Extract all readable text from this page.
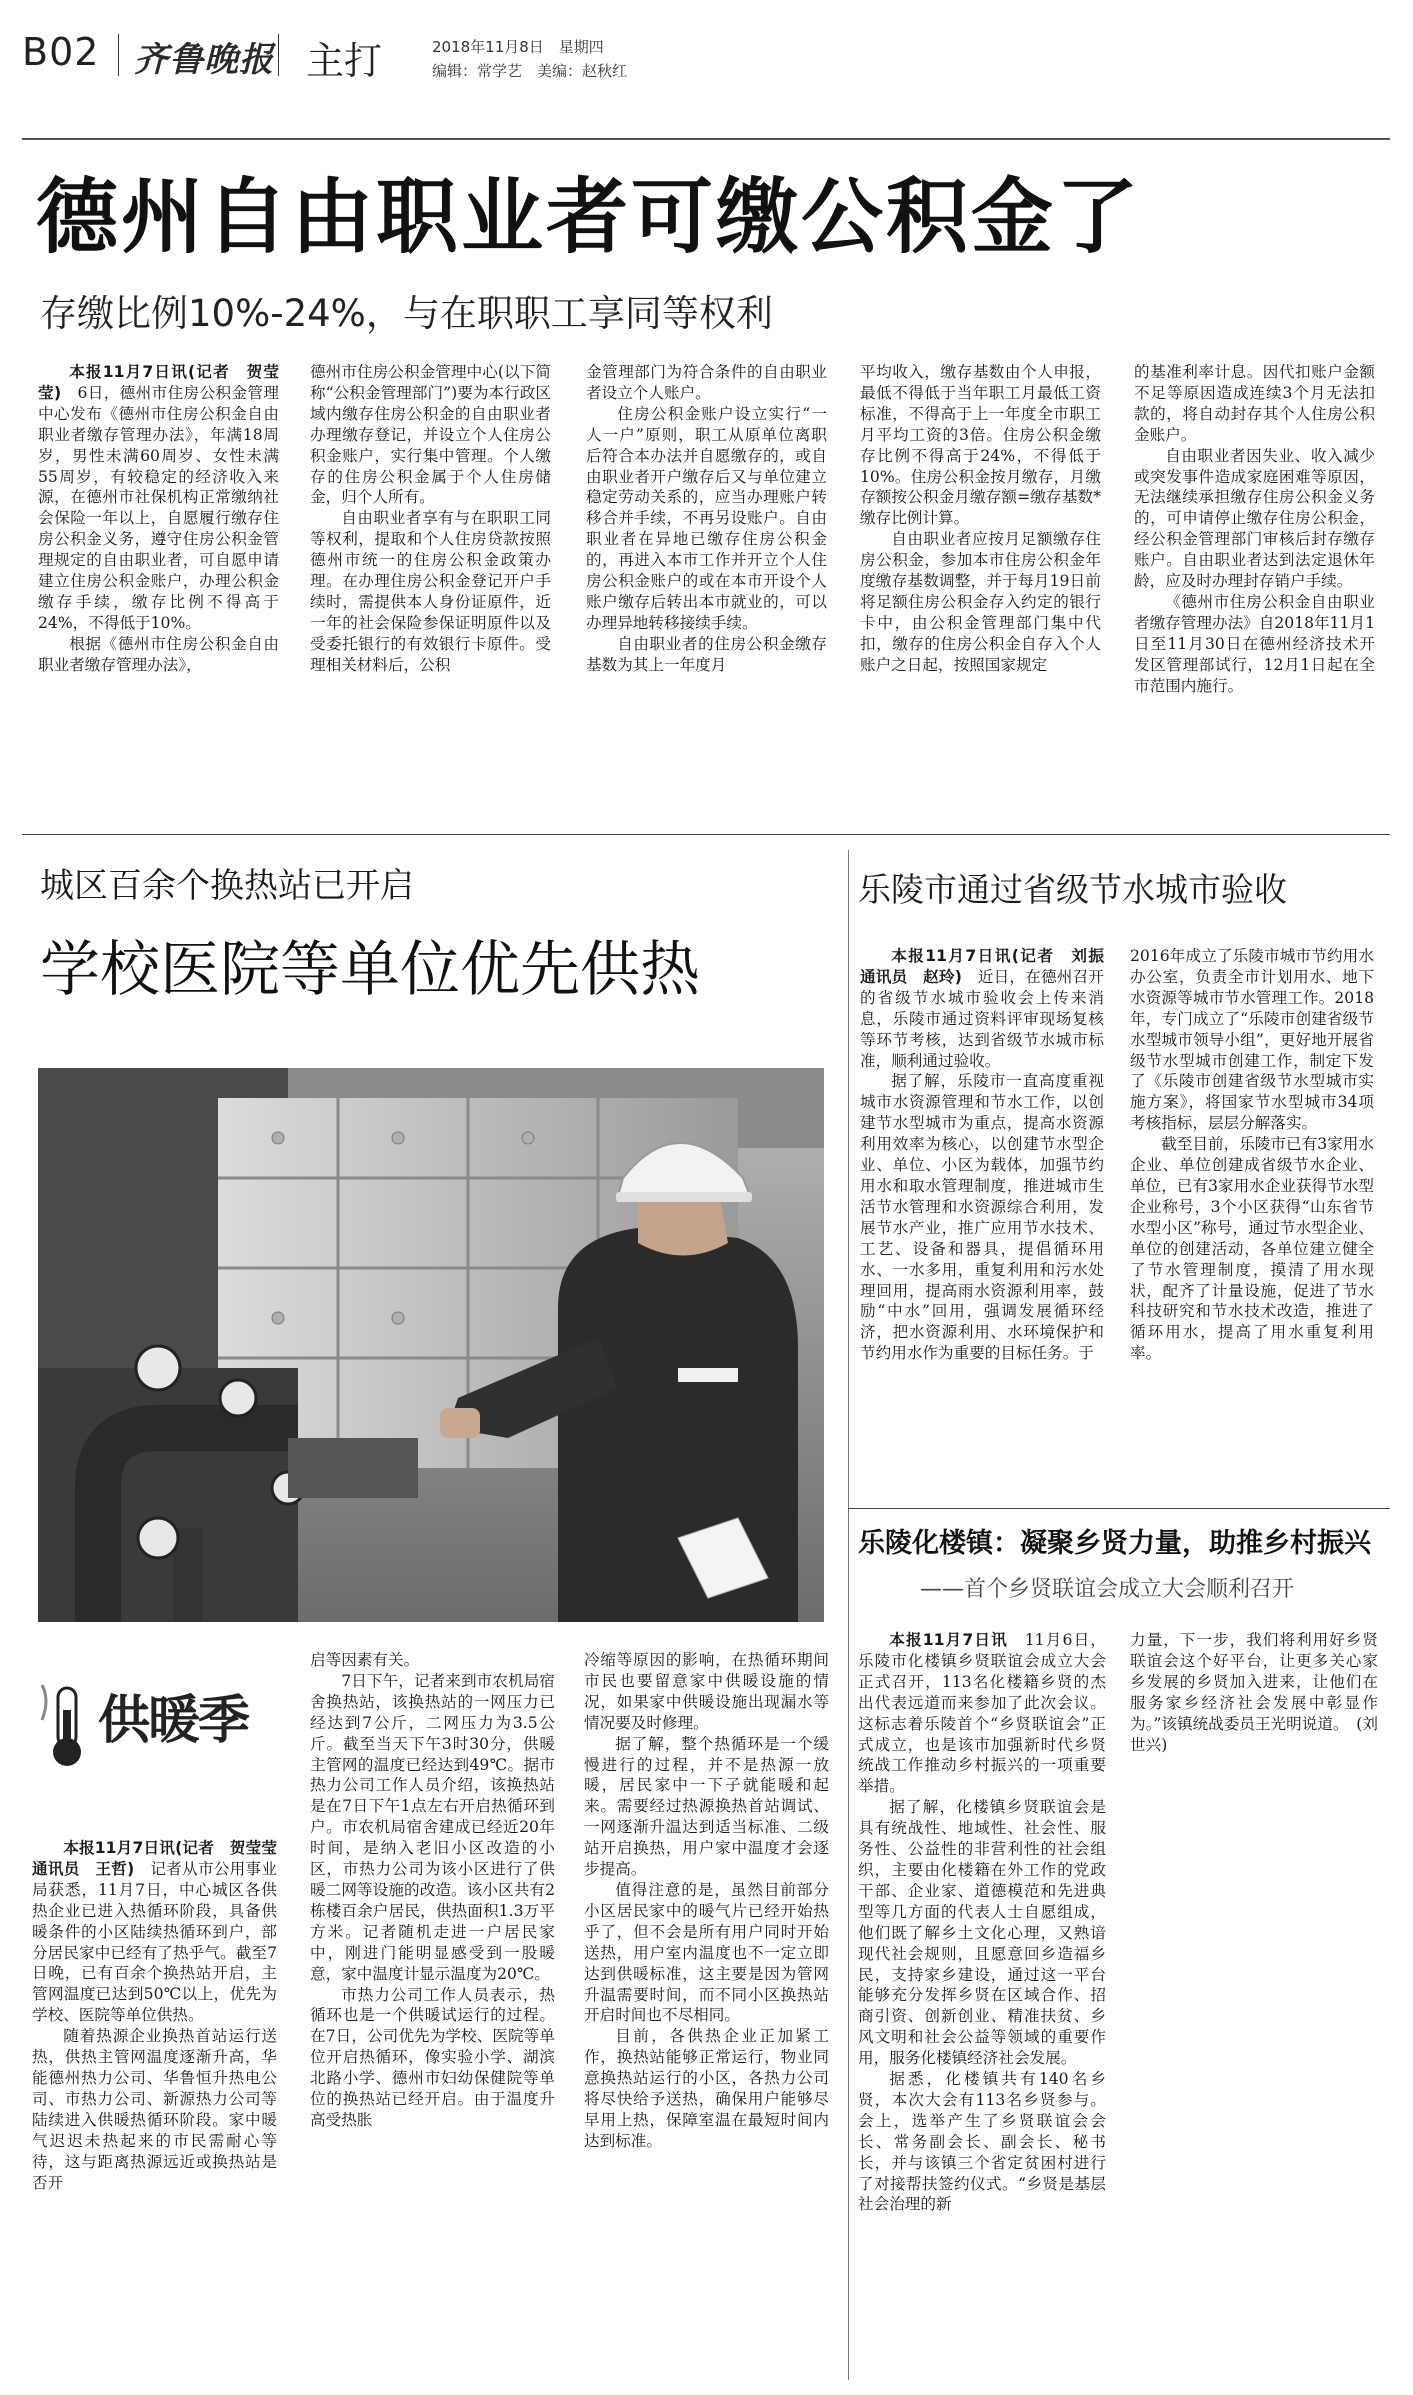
B02 齐鲁晚报 主打	2018年11月8日　星期四
编辑：常学艺　美编：赵秋红
德州自由职业者可缴公积金了
存缴比例10%-24%，与在职职工享同等权利

本报11月7日讯(记者　贺莹莹)　 6日，德州市住房公积金管理中心发布《德州市住房公积金自由职业者缴存管理办法》，年满18周岁，男性未满60周岁、女性未满55周岁，有较稳定的经济收入来源，在德州市社保机构正常缴纳社会保险一年以上，自愿履行缴存住房公积金义务，遵守住房公积金管理规定的自由职业者，可自愿申请建立住房公积金账户，办理公积金缴存手续，缴存比例不得高于24%，不得低于10%。

根据《德州市住房公积金自由职业者缴存管理办法》，

德州市住房公积金管理中心(以下简称“公积金管理部门”)要为本行政区域内缴存住房公积金的自由职业者办理缴存登记，并设立个人住房公积金账户，实行集中管理。个人缴存的住房公积金属于个人住房储金，归个人所有。

自由职业者享有与在职职工同等权利，提取和个人住房贷款按照德州市统一的住房公积金政策办理。在办理住房公积金登记开户手续时，需提供本人身份证原件，近一年的社会保险参保证明原件以及受委托银行的有效银行卡原件。受理相关材料后，公积

金管理部门为符合条件的自由职业者设立个人账户。

住房公积金账户设立实行“一人一户”原则，职工从原单位离职后符合本办法并自愿缴存的，或自由职业者开户缴存后又与单位建立稳定劳动关系的，应当办理账户转移合并手续，不再另设账户。自由职业者在异地已缴存住房公积金的，再进入本市工作并开立个人住房公积金账户的或在本市开设个人账户缴存后转出本市就业的，可以办理异地转移接续手续。

自由职业者的住房公积金缴存基数为其上一年度月

平均收入，缴存基数由个人申报，最低不得低于当年职工月最低工资标准，不得高于上一年度全市职工月平均工资的3倍。住房公积金缴存比例不得高于24%，不得低于10%。住房公积金按月缴存，月缴存额按公积金月缴存额=缴存基数*缴存比例计算。

自由职业者应按月足额缴存住房公积金，参加本市住房公积金年度缴存基数调整，并于每月19日前将足额住房公积金存入约定的银行卡中，由公积金管理部门集中代扣，缴存的住房公积金自存入个人账户之日起，按照国家规定

的基准利率计息。因代扣账户金额不足等原因造成连续3个月无法扣款的，将自动封存其个人住房公积金账户。

自由职业者因失业、收入减少或突发事件造成家庭困难等原因，无法继续承担缴存住房公积金义务的，可申请停止缴存住房公积金，经公积金管理部门审核后封存缴存账户。自由职业者达到法定退休年龄，应及时办理封存销户手续。

《德州市住房公积金自由职业者缴存管理办法》自2018年11月1日至11月30日在德州经济技术开发区管理部试行，12月1日起在全市范围内施行。

城区百余个换热站已开启
学校医院等单位优先供热
供暖季

本报11月7日讯(记者　贺莹莹　通讯员　王哲)　 记者从市公用事业局获悉，11月7日，中心城区各供热企业已进入热循环阶段，具备供暖条件的小区陆续热循环到户，部分居民家中已经有了热乎气。截至7日晚，已有百余个换热站开启，主管网温度已达到50℃以上，优先为学校、医院等单位供热。

随着热源企业换热首站运行送热，供热主管网温度逐渐升高，华能德州热力公司、华鲁恒升热电公司、市热力公司、新源热力公司等陆续进入供暖热循环阶段。家中暖气迟迟未热起来的市民需耐心等待，这与距离热源远近或换热站是否开

启等因素有关。

7日下午，记者来到市农机局宿舍换热站，该换热站的一网压力已经达到7公斤，二网压力为3.5公斤。截至当天下午3时30分，供暖主管网的温度已经达到49℃。据市热力公司工作人员介绍，该换热站是在7日下午1点左右开启热循环到户。市农机局宿舍建成已经近20年时间，是纳入老旧小区改造的小区，市热力公司为该小区进行了供暖二网等设施的改造。该小区共有2栋楼百余户居民，供热面积1.3万平方米。记者随机走进一户居民家中，刚进门能明显感受到一股暖意，家中温度计显示温度为20℃。

市热力公司工作人员表示，热循环也是一个供暖试运行的过程。在7日，公司优先为学校、医院等单位开启热循环，像实验小学、湖滨北路小学、德州市妇幼保健院等单位的换热站已经开启。由于温度升高受热胀

冷缩等原因的影响，在热循环期间市民也要留意家中供暖设施的情况，如果家中供暖设施出现漏水等情况要及时修理。

据了解，整个热循环是一个缓慢进行的过程，并不是热源一放暖，居民家中一下子就能暖和起来。需要经过热源换热首站调试、一网逐渐升温达到适当标准、二级站开启换热，用户家中温度才会逐步提高。

值得注意的是，虽然目前部分小区居民家中的暖气片已经开始热乎了，但不会是所有用户同时开始送热，用户室内温度也不一定立即达到供暖标准，这主要是因为管网升温需要时间，而不同小区换热站开启时间也不尽相同。

目前，各供热企业正加紧工作，换热站能够正常运行，物业同意换热站运行的小区，各热力公司将尽快给予送热，确保用户能够尽早用上热，保障室温在最短时间内达到标准。

乐陵市通过省级节水城市验收

本报11月7日讯(记者　刘振　通讯员　赵玲)　 近日，在德州召开的省级节水城市验收会上传来消息，乐陵市通过资料评审现场复核等环节考核，达到省级节水城市标准，顺利通过验收。

据了解，乐陵市一直高度重视城市水资源管理和节水工作，以创建节水型城市为重点，提高水资源利用效率为核心，以创建节水型企业、单位、小区为载体，加强节约用水和取水管理制度，推进城市生活节水管理和水资源综合利用，发展节水产业，推广应用节水技术、工艺、设备和器具，提倡循环用水、一水多用，重复利用和污水处理回用，提高雨水资源利用率，鼓励“中水”回用，强调发展循环经济，把水资源利用、水环境保护和节约用水作为重要的目标任务。于

2016年成立了乐陵市城市节约用水办公室，负责全市计划用水、地下水资源等城市节水管理工作。2018年，专门成立了“乐陵市创建省级节水型城市领导小组”，更好地开展省级节水型城市创建工作，制定下发了《乐陵市创建省级节水型城市实施方案》，将国家节水型城市34项考核指标，层层分解落实。

截至目前，乐陵市已有3家用水企业、单位创建成省级节水企业、单位，已有3家用水企业获得节水型企业称号，3个小区获得“山东省节水型小区”称号，通过节水型企业、单位的创建活动，各单位建立健全了节水管理制度，摸清了用水现状，配齐了计量设施，促进了节水科技研究和节水技术改造，推进了循环用水，提高了用水重复利用率。

乐陵化楼镇：凝聚乡贤力量，助推乡村振兴
——首个乡贤联谊会成立大会顺利召开

本报11月7日讯　 11月6日，乐陵市化楼镇乡贤联谊会成立大会正式召开，113名化楼籍乡贤的杰出代表远道而来参加了此次会议。这标志着乐陵首个“乡贤联谊会”正式成立，也是该市加强新时代乡贤统战工作推动乡村振兴的一项重要举措。

据了解，化楼镇乡贤联谊会是具有统战性、地域性、社会性、服务性、公益性的非营利性的社会组织，主要由化楼籍在外工作的党政干部、企业家、道德模范和先进典型等几方面的代表人士自愿组成，他们既了解乡土文化心理，又熟谙现代社会规则，且愿意回乡造福乡民，支持家乡建设，通过这一平台能够充分发挥乡贤在区域合作、招商引资、创新创业、精准扶贫、乡风文明和社会公益等领域的重要作用，服务化楼镇经济社会发展。

据悉，化楼镇共有140名乡贤，本次大会有113名乡贤参与。会上，选举产生了乡贤联谊会会长、常务副会长、副会长、秘书长，并与该镇三个省定贫困村进行了对接帮扶签约仪式。“乡贤是基层社会治理的新

力量，下一步，我们将利用好乡贤联谊会这个好平台，让更多关心家乡发展的乡贤加入进来，让他们在服务家乡经济社会发展中彰显作为。”该镇统战委员王光明说道。　(刘世兴)
